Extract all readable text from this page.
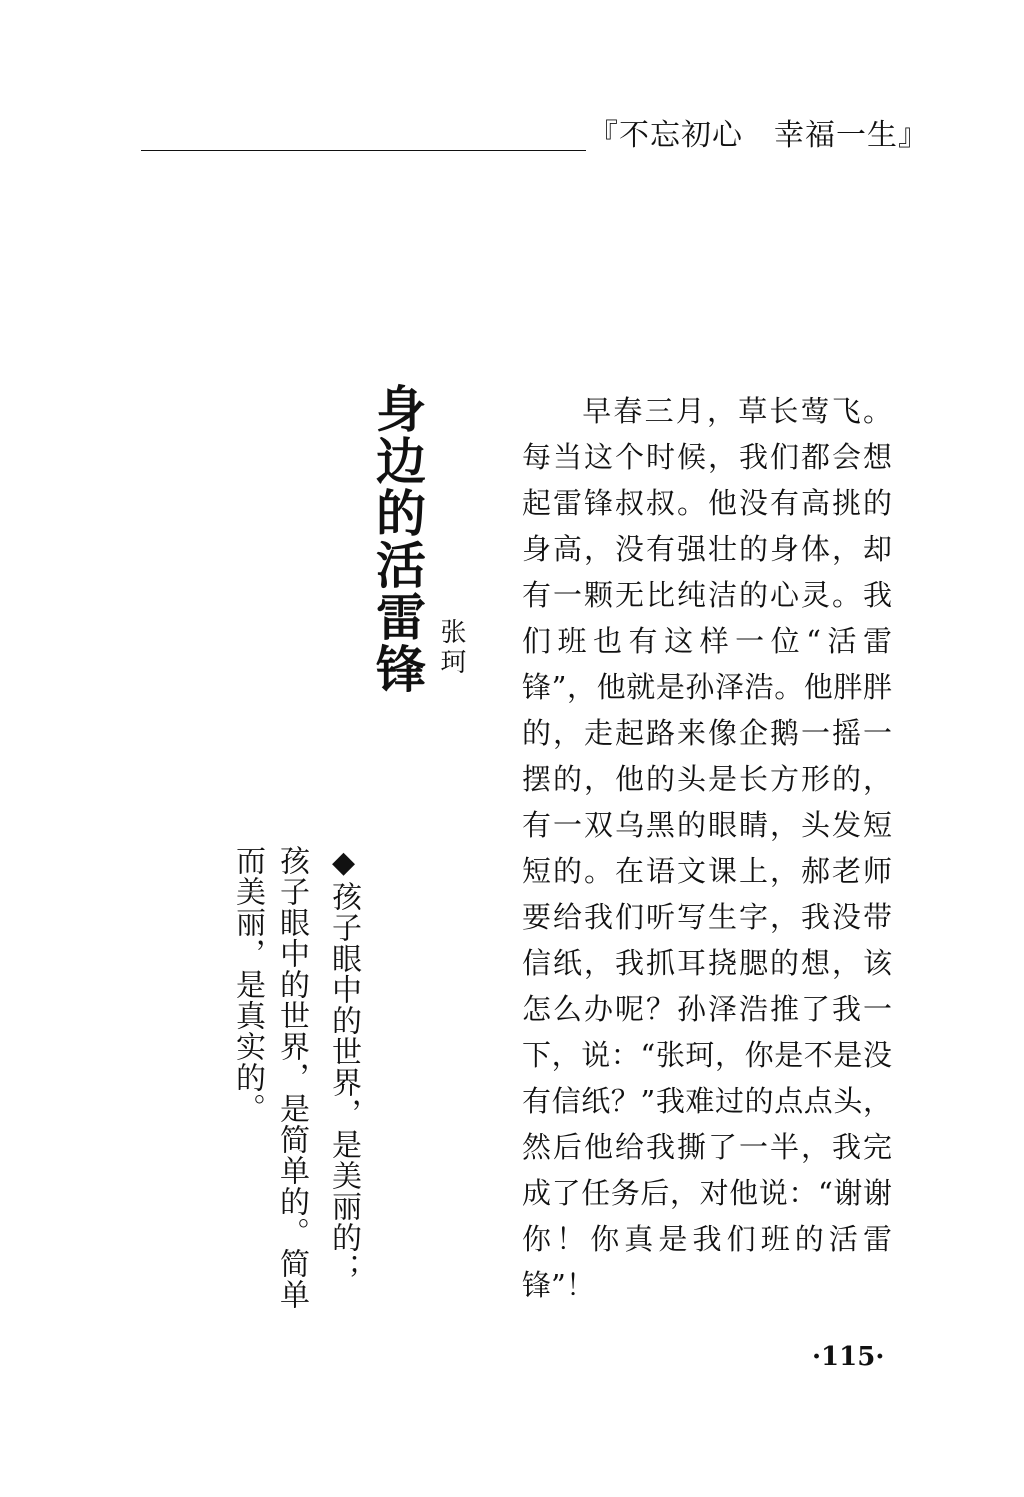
『不忘初心　幸福一生』
身边的活雷锋 张珂

早春三月，草长莺飞。每当这个时候，我们都会想起雷锋叔叔。他没有高挑的身高，没有强壮的身体，却有一颗无比纯洁的心灵。我们班也有这样一位“活雷锋”，他就是孙泽浩。他胖胖的，走起路来像企鹅一摇一摆的，他的头是长方形的，有一双乌黑的眼睛，头发短短的。在语文课上，郝老师要给我们听写生字，我没带信纸，我抓耳挠腮的想，该怎么办呢？孙泽浩推了我一下，说：“张珂，你是不是没有信纸？”我难过的点点头，然后他给我撕了一半，我完成了任务后，对他说：“谢谢你！你真是我们班的活雷锋”！

◆孩子眼中的世界，是美丽的；

孩子眼中的世界，是简单的。简单而美丽，是真实的。

·115·
